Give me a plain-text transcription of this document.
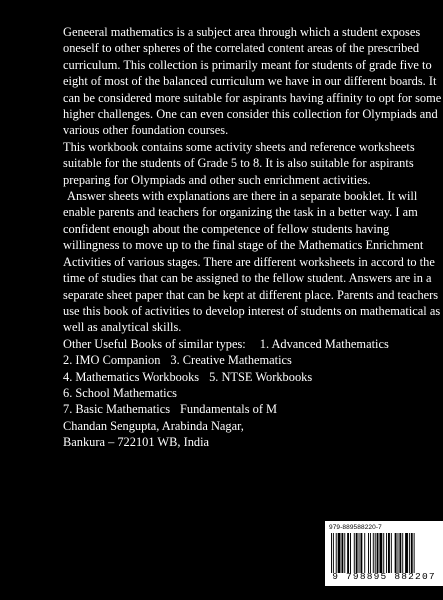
Geneeral mathematics is a subject area through which a student exposes oneself to other spheres of the correlated content areas of the prescribed curriculum. This collection is primarily meant for students of grade five to eight of most of the balanced curriculum we have in our different boards. It can be considered more suitable for aspirants having affinity to opt for some higher challenges. One can even consider this collection for Olympiads and various other foundation courses.

This workbook contains some activity sheets and reference worksheets suitable for the students of Grade 5 to 8. It is also suitable for aspirants preparing for Olympiads and other such enrichment activities.

Answer sheets with explanations are there in a separate booklet. It will enable parents and teachers for organizing the task in a better way. I am confident enough about the competence of fellow students having willingness to move up to the final stage of the Mathematics Enrichment Activities of various stages. There are different worksheets in accord to the time of studies that can be assigned to the fellow student. Answers are in a separate sheet paper that can be kept at different place. Parents and teachers use this book of activities to develop interest of students on mathematical as well as analytical skills.

Other Useful Books of similar types: 1. Advanced Mathematics
2. IMO Companion 3. Creative Mathematics
4. Mathematics Workbooks 5. NTSE Workbooks
6. School Mathematics
7. Basic Mathematics Fundamentals of M
Chandan Sengupta, Arabinda Nagar,
Bankura – 722101 WB, India
979-889588220-7
9 798895 882207
